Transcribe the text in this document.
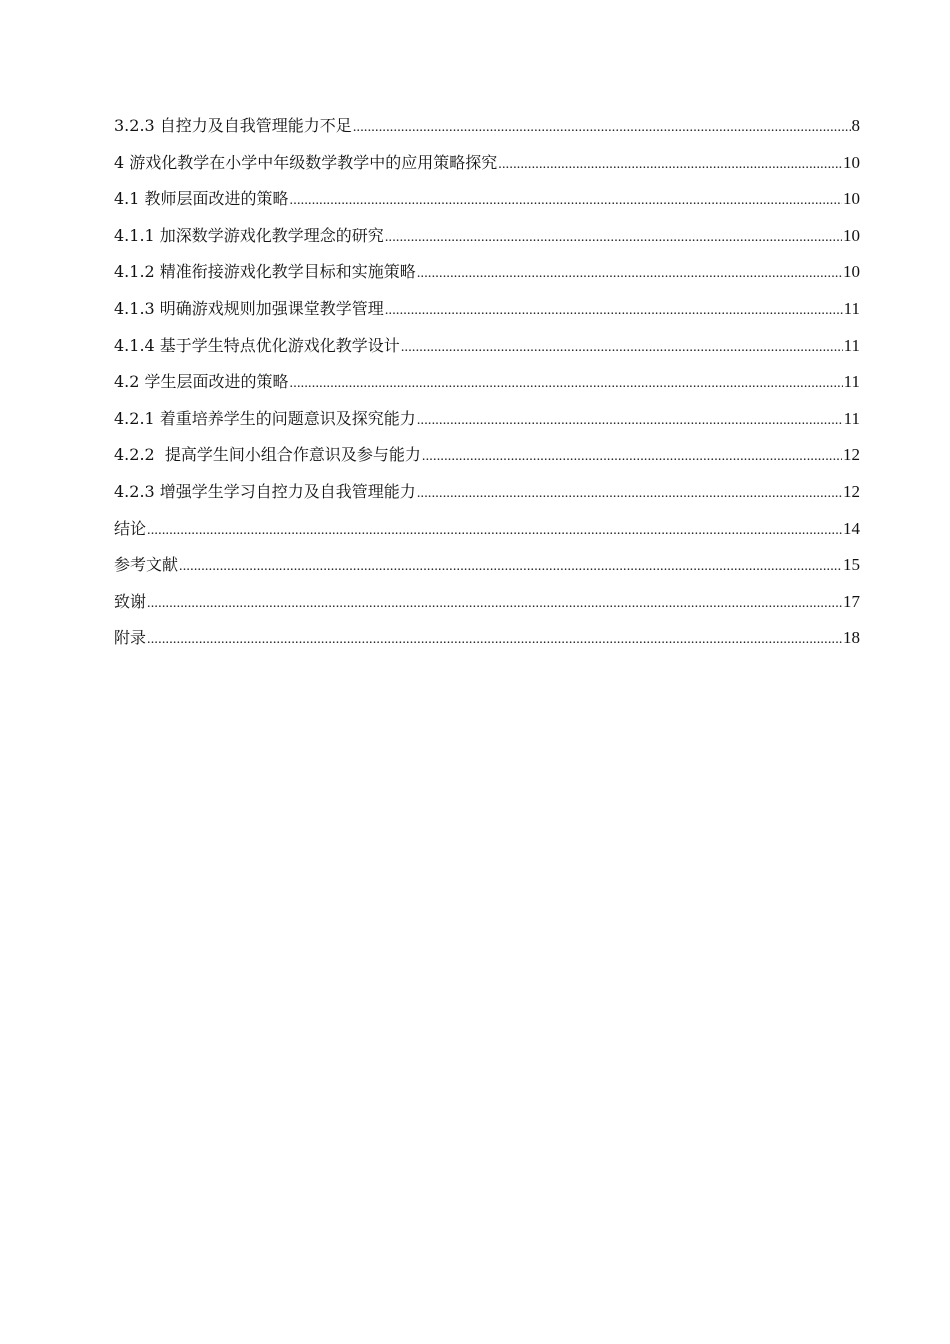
3.2.3 自控力及自我管理能力不足 .....	8
4 游戏化教学在小学中年级数学教学中的应用策略探究 .....	10
4.1 教师层面改进的策略 .....	10
4.1.1 加深数学游戏化教学理念的研究 .....	10
4.1.2 精准衔接游戏化教学目标和实施策略 .....	10
4.1.3 明确游戏规则加强课堂教学管理 .....	11
4.1.4 基于学生特点优化游戏化教学设计 .....	11
4.2 学生层面改进的策略 .....	11
4.2.1 着重培养学生的问题意识及探究能力 .....	11
4.2.2  提高学生间小组合作意识及参与能力 .....	12
4.2.3 增强学生学习自控力及自我管理能力 .....	12
结论 .....	14
参考文献 .....	15
致谢 .....	17
附录 .....	18
